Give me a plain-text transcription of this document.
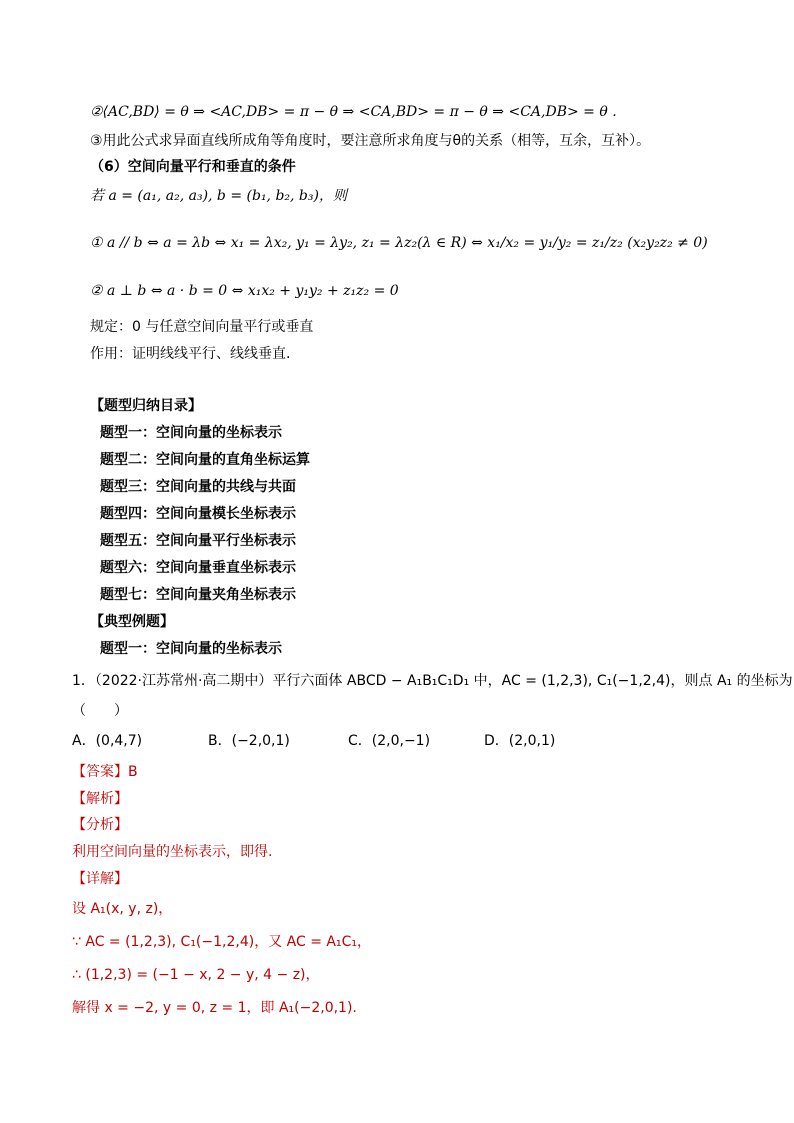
②⟨AC,BD⟩ = θ ⇒ <AC,DB> = π − θ ⇒ <CA,BD> = π − θ ⇒ <CA,DB> = θ .
③用此公式求异面直线所成角等角度时，要注意所求角度与θ的关系（相等，互余，互补）。
（6）空间向量平行和垂直的条件
若 a = (a₁, a₂, a₃), b = (b₁, b₂, b₃)，则
① a // b ⇔ a = λb ⇔ x₁ = λx₂, y₁ = λy₂, z₁ = λz₂(λ ∈ R) ⇔ x₁/x₂ = y₁/y₂ = z₁/z₂ (x₂y₂z₂ ≠ 0)
② a ⊥ b ⇔ a · b = 0 ⇔ x₁x₂ + y₁y₂ + z₁z₂ = 0
规定：0 与任意空间向量平行或垂直
作用：证明线线平行、线线垂直.
【题型归纳目录】
题型一：空间向量的坐标表示
题型二：空间向量的直角坐标运算
题型三：空间向量的共线与共面
题型四：空间向量模长坐标表示
题型五：空间向量平行坐标表示
题型六：空间向量垂直坐标表示
题型七：空间向量夹角坐标表示
【典型例题】
题型一：空间向量的坐标表示
1．（2022·江苏常州·高二期中）平行六面体 ABCD − A₁B₁C₁D₁ 中，AC = (1,2,3), C₁(−1,2,4)，则点 A₁ 的坐标为
（　　）
A．(0,4,7)	B．(−2,0,1)	C．(2,0,−1)	D．(2,0,1)
【答案】B
【解析】
【分析】
利用空间向量的坐标表示，即得.
【详解】
设 A₁(x, y, z)，
∵ AC = (1,2,3), C₁(−1,2,4)，又 AC = A₁C₁，
∴ (1,2,3) = (−1 − x, 2 − y, 4 − z)，
解得 x = −2, y = 0, z = 1，即 A₁(−2,0,1).
